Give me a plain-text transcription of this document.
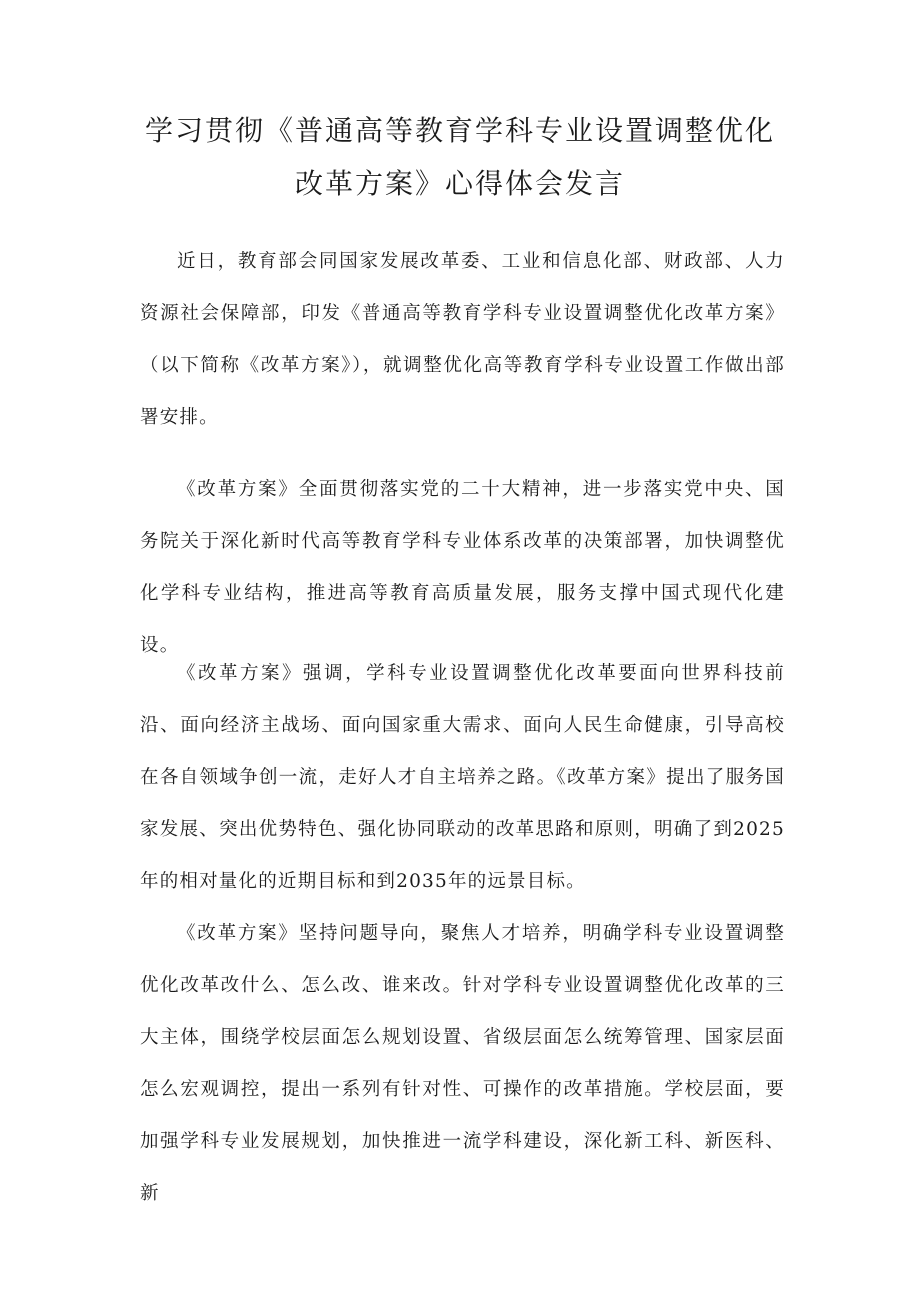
学习贯彻《普通高等教育学科专业设置调整优化改革方案》心得体会发言

近日，教育部会同国家发展改革委、工业和信息化部、财政部、人力资源社会保障部，印发《普通高等教育学科专业设置调整优化改革方案》（以下简称《改革方案》），就调整优化高等教育学科专业设置工作做出部署安排。

《改革方案》全面贯彻落实党的二十大精神，进一步落实党中央、国务院关于深化新时代高等教育学科专业体系改革的决策部署，加快调整优化学科专业结构，推进高等教育高质量发展，服务支撑中国式现代化建设。

《改革方案》强调，学科专业设置调整优化改革要面向世界科技前沿、面向经济主战场、面向国家重大需求、面向人民生命健康，引导高校在各自领域争创一流，走好人才自主培养之路。《改革方案》提出了服务国家发展、突出优势特色、强化协同联动的改革思路和原则，明确了到2025年的相对量化的近期目标和到2035年的远景目标。

《改革方案》坚持问题导向，聚焦人才培养，明确学科专业设置调整优化改革改什么、怎么改、谁来改。针对学科专业设置调整优化改革的三大主体，围绕学校层面怎么规划设置、省级层面怎么统筹管理、国家层面怎么宏观调控，提出一系列有针对性、可操作的改革措施。学校层面，要加强学科专业发展规划，加快推进一流学科建设，深化新工科、新医科、新
